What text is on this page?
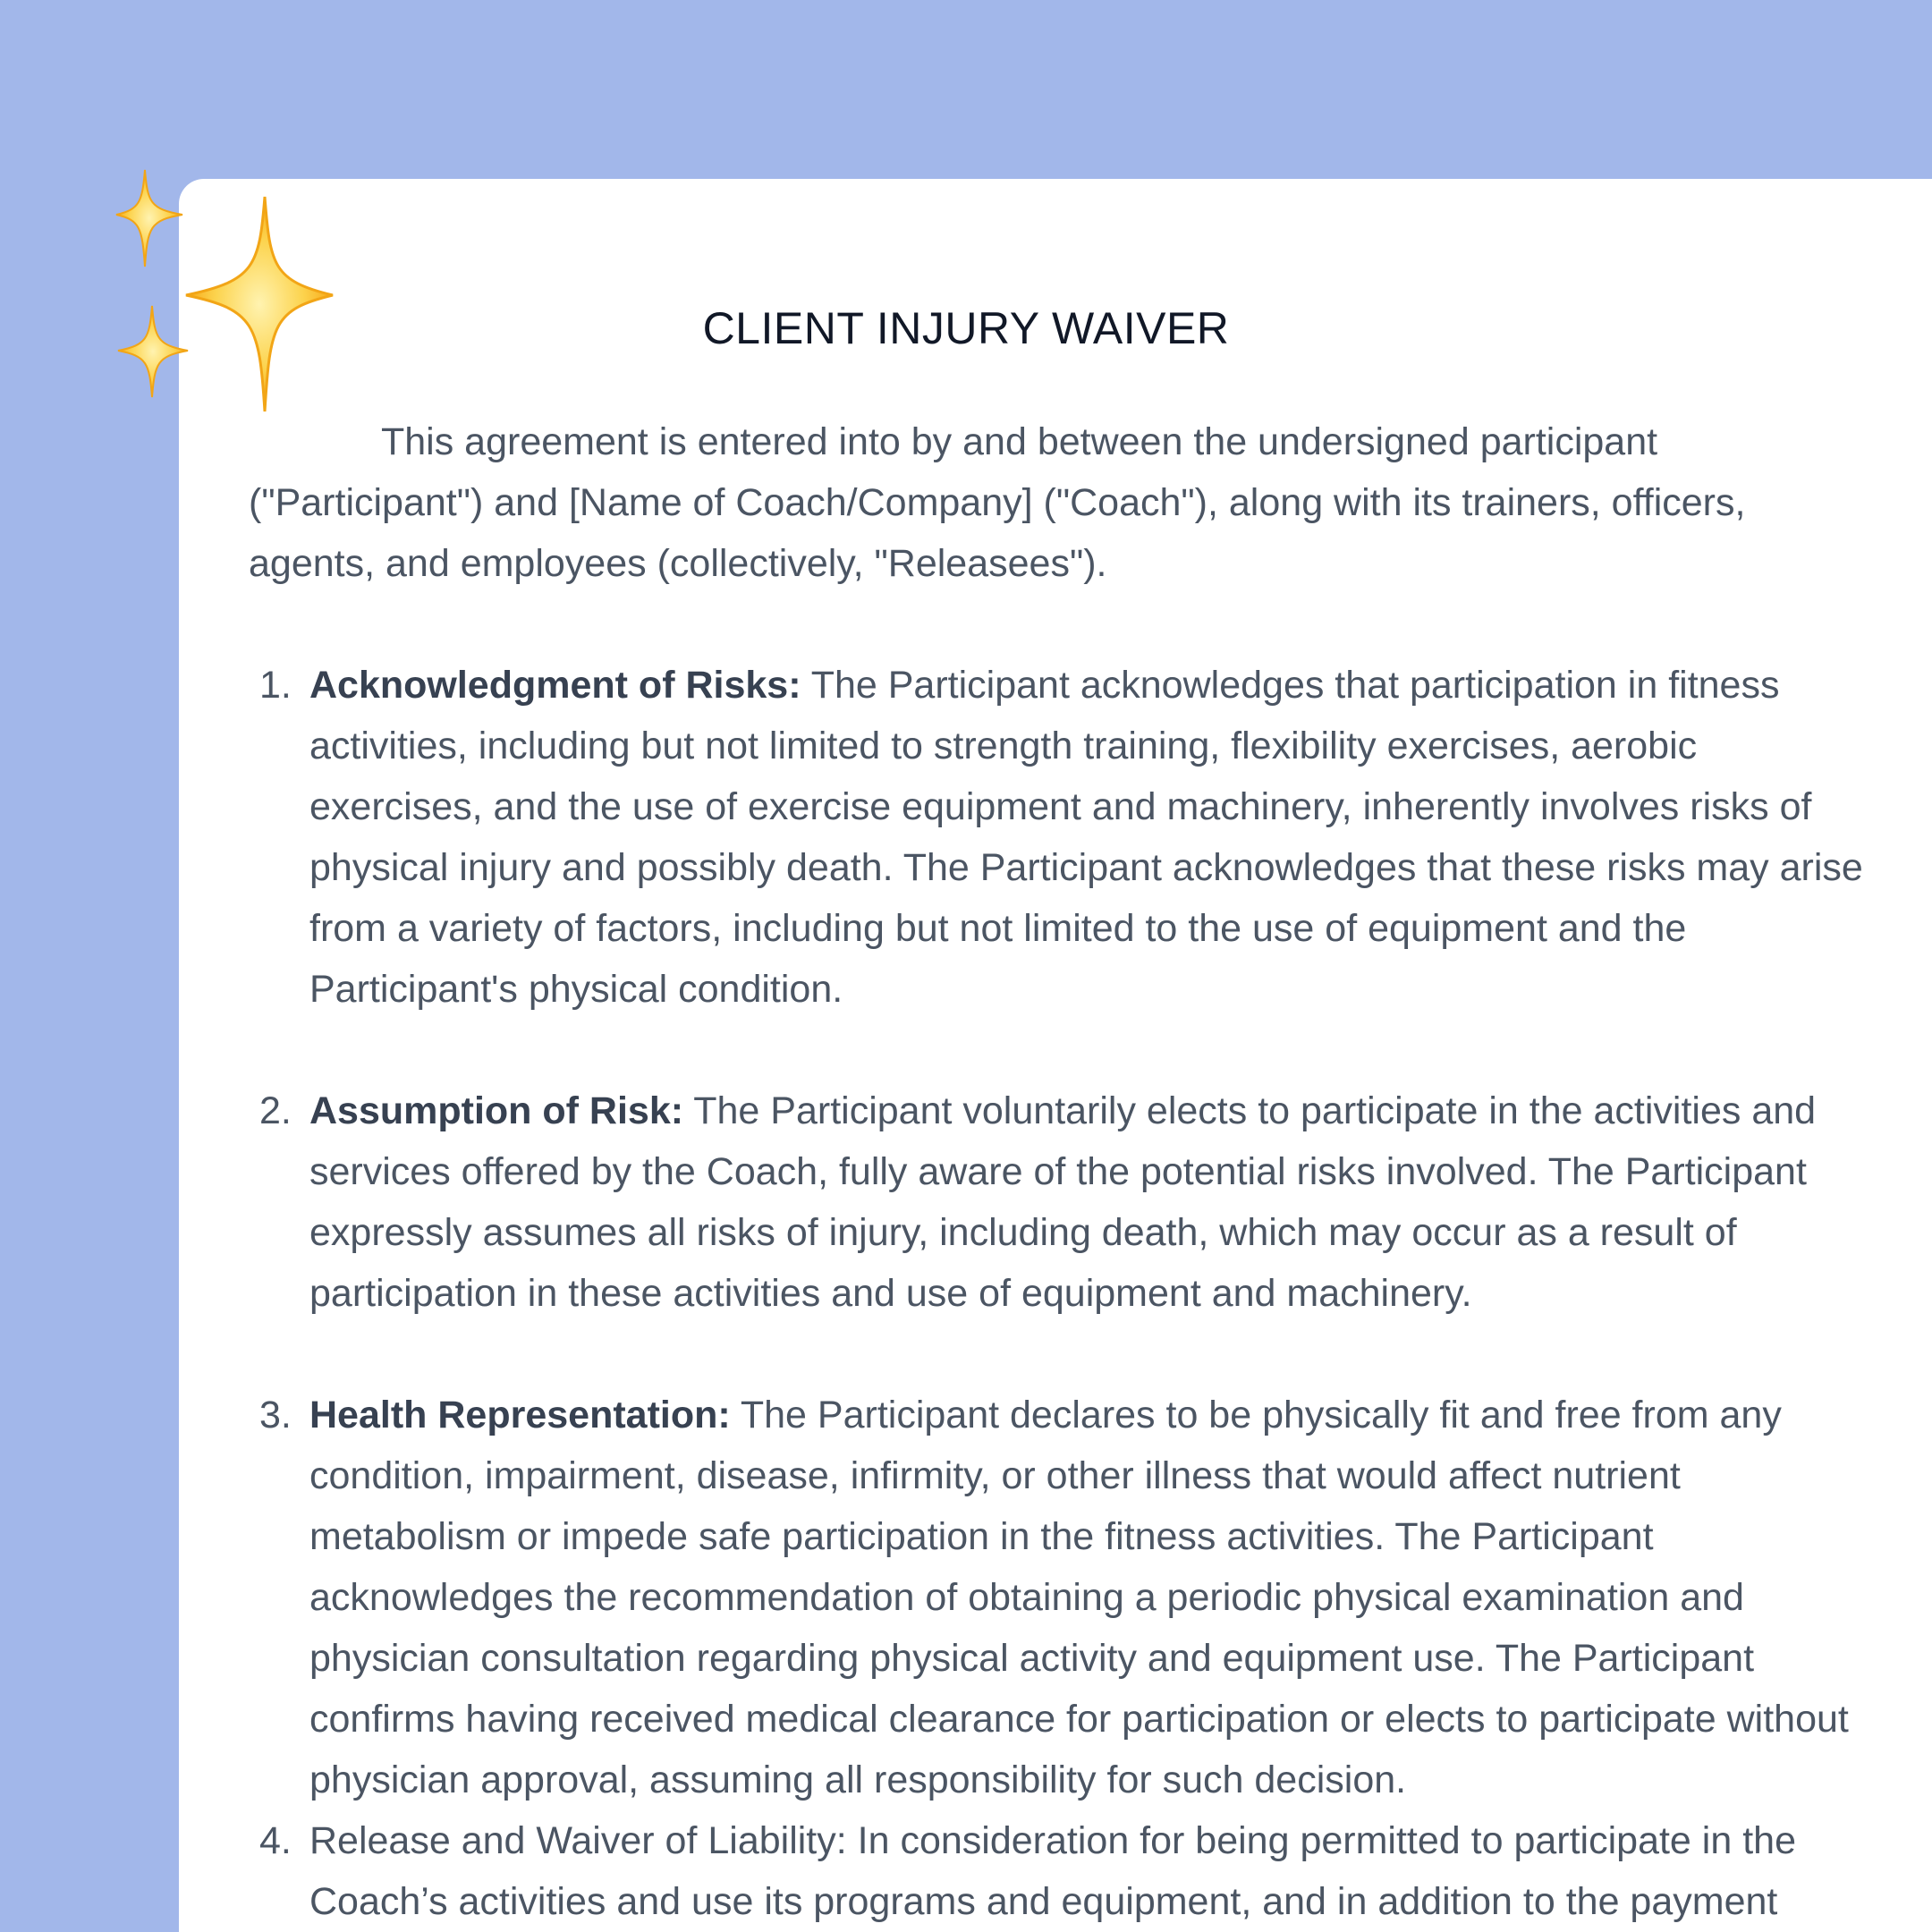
CLIENT INJURY WAIVER

This agreement is entered into by and between the undersigned participant
("Participant") and [Name of Coach/Company] ("Coach"), along with its trainers, officers,
agents, and employees (collectively, "Releasees").

1. Acknowledgment of Risks: The Participant acknowledges that participation in fitness
activities, including but not limited to strength training, flexibility exercises, aerobic
exercises, and the use of exercise equipment and machinery, inherently involves risks of
physical injury and possibly death. The Participant acknowledges that these risks may arise
from a variety of factors, including but not limited to the use of equipment and the
Participant's physical condition.
2. Assumption of Risk: The Participant voluntarily elects to participate in the activities and
services offered by the Coach, fully aware of the potential risks involved. The Participant
expressly assumes all risks of injury, including death, which may occur as a result of
participation in these activities and use of equipment and machinery.
3. Health Representation: The Participant declares to be physically fit and free from any
condition, impairment, disease, infirmity, or other illness that would affect nutrient
metabolism or impede safe participation in the fitness activities. The Participant
acknowledges the recommendation of obtaining a periodic physical examination and
physician consultation regarding physical activity and equipment use. The Participant
confirms having received medical clearance for participation or elects to participate without
physician approval, assuming all responsibility for such decision.
4. Release and Waiver of Liability: In consideration for being permitted to participate in the
Coach’s activities and use its programs and equipment, and in addition to the payment
